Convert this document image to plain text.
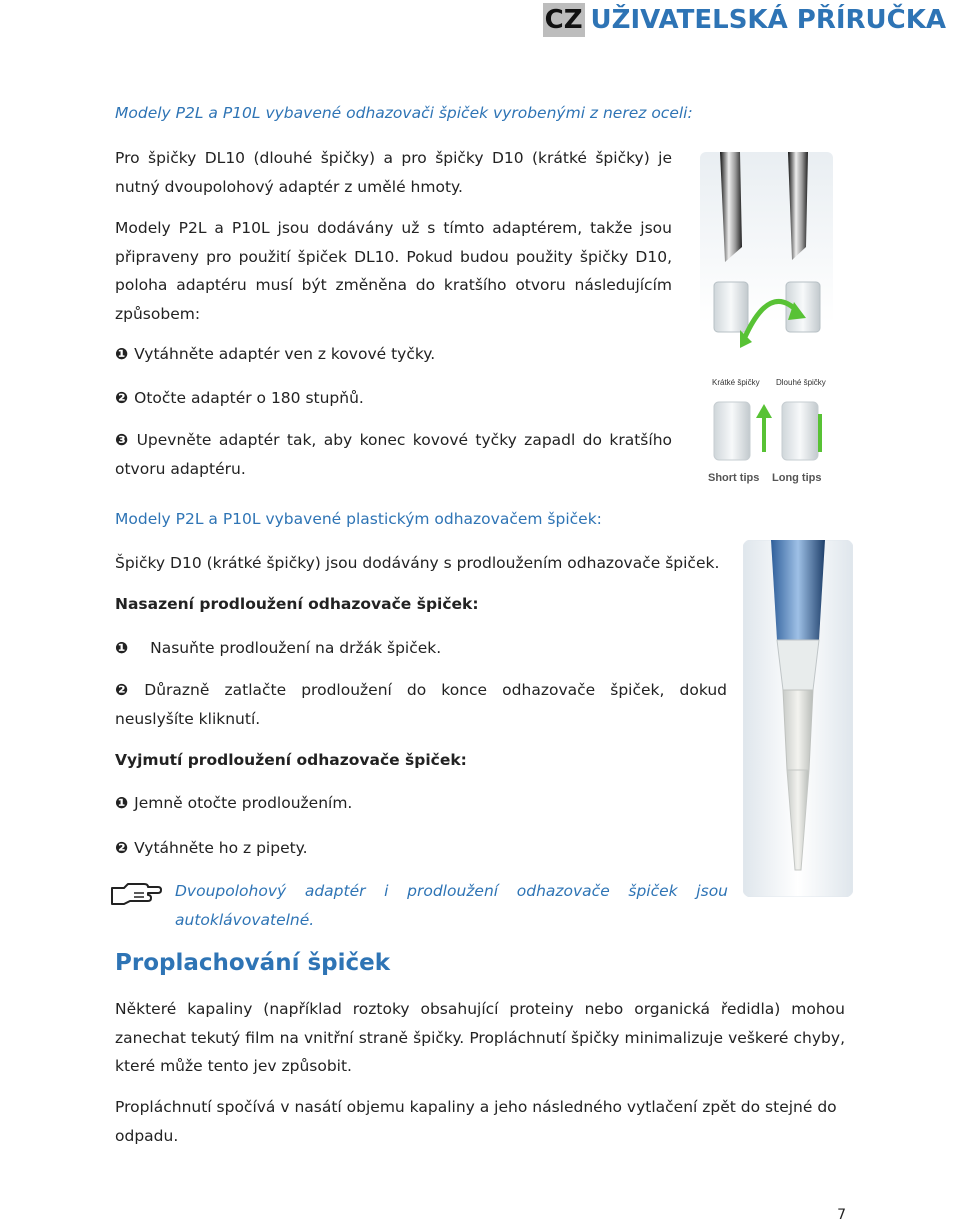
CZ UŽIVATELSKÁ PŘÍRUČKA
Modely P2L a P10L vybavené odhazovači špiček vyrobenými z nerez oceli:
Pro špičky DL10 (dlouhé špičky) a pro špičky D10 (krátké špičky) je nutný dvoupolohový adaptér z umělé hmoty.
Modely P2L a P10L jsou dodávány už s tímto adaptérem, takže jsou připraveny pro použití špiček DL10. Pokud budou použity špičky D10, poloha adaptéru musí být změněna do kratšího otvoru následujícím způsobem:
❶ Vytáhněte adaptér ven z kovové tyčky.
❷ Otočte adaptér o 180 stupňů.
❸ Upevněte adaptér tak, aby konec kovové tyčky zapadl do kratšího otvoru adaptéru.
Krátké špičky Dlouhé špičky
Short tips Long tips
Modely P2L a P10L vybavené plastickým odhazovačem špiček:
Špičky D10 (krátké špičky) jsou dodávány s prodloužením odhazovače špiček.
Nasazení prodloužení odhazovače špiček:
❶ Nasuňte prodloužení na držák špiček.
❷ Důrazně zatlačte prodloužení do konce odhazovače špiček, dokud neuslyšíte kliknutí.
Vyjmutí prodloužení odhazovače špiček:
❶ Jemně otočte prodloužením.
❷ Vytáhněte ho z pipety.
Dvoupolohový adaptér i prodloužení odhazovače špiček jsou autoklávovatelné.
Proplachování špiček
Některé kapaliny (například roztoky obsahující proteiny nebo organická ředidla) mohou zanechat tekutý film na vnitřní straně špičky. Propláchnutí špičky minimalizuje veškeré chyby, které může tento jev způsobit.
Propláchnutí spočívá v nasátí objemu kapaliny a jeho následného vytlačení zpět do stejné do odpadu.
7
